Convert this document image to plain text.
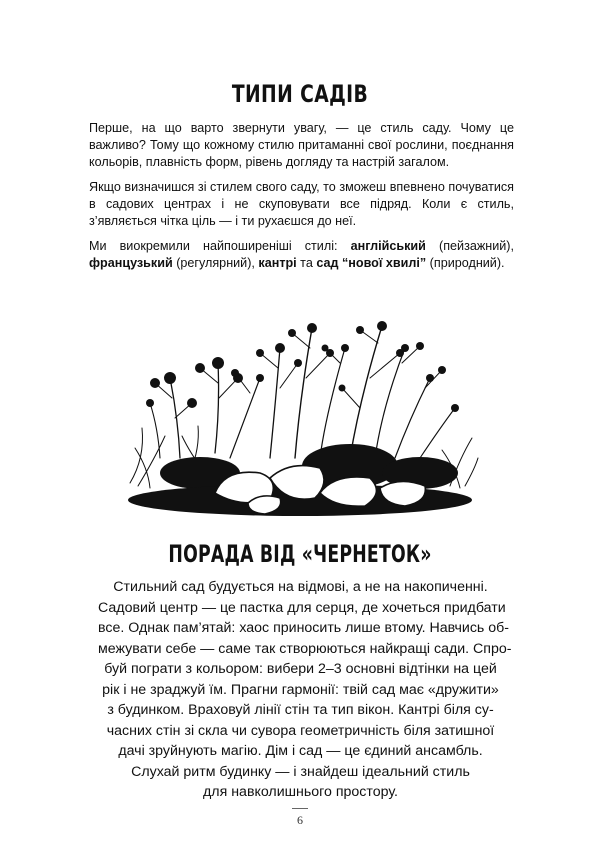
ТИПИ САДІВ

Перше, на що варто звернути увагу, — це стиль саду. Чому це важливо? Тому що кожному стилю притаманні свої рослини, поєднання кольорів, плавність форм, рівень догляду та настрій загалом.

Якщо визначишся зі стилем свого саду, то зможеш впевнено почуватися в садових центрах і не скуповувати все підряд. Коли є стиль, з’являється чітка ціль — і ти рухаєшся до неї.

Ми виокремили найпоширеніші стилі: англійський (пейзажний), французький (регулярний), кантрі та сад “нової хвилі” (природний).

ПОРАДА ВІД «ЧЕРНЕТОК»
Стильний сад будується на відмові, а не на накопиченні.
Садовий центр — це пастка для серця, де хочеться придбати
все. Однак пам’ятай: хаос приносить лише втому. Навчись об-
межувати себе — саме так створюються найкращі сади. Спро-
буй пограти з кольором: вибери 2–3 основні відтінки на цей
рік і не зраджуй їм. Прагни гармонії: твій сад має «дружити»
з будинком. Враховуй лінії стін та тип вікон. Кантрі біля су-
часних стін зі скла чи сувора геометричність біля затишної
дачі зруйнують магію. Дім і сад — це єдиний ансамбль.
Слухай ритм будинку — і знайдеш ідеальний стиль
для навколишнього простору.
6
